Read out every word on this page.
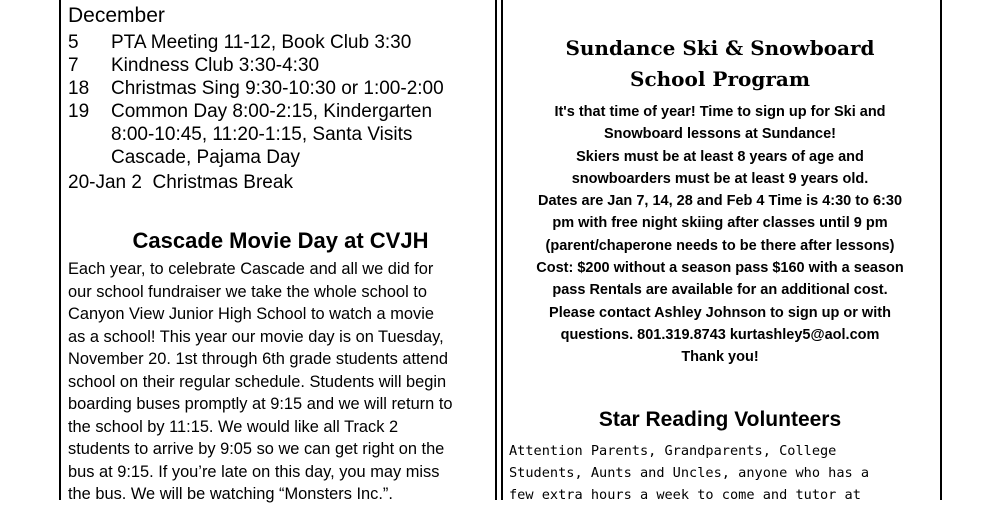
December
5	PTA Meeting 11-12, Book Club 3:30
7	Kindness Club 3:30-4:30
18	Christmas Sing 9:30-10:30 or 1:00-2:00
19	Common Day 8:00-2:15, Kindergarten
8:00-10:45, 11:20-1:15, Santa Visits
Cascade, Pajama Day
20-Jan 2 Christmas Break
Cascade Movie Day at CVJH
Each year, to celebrate Cascade and all we did for
our school fundraiser we take the whole school to
Canyon View Junior High School to watch a movie
as a school! This year our movie day is on Tuesday,
November 20. 1st through 6th grade students attend
school on their regular schedule. Students will begin
boarding buses promptly at 9:15 and we will return to
the school by 11:15. We would like all Track 2
students to arrive by 9:05 so we can get right on the
bus at 9:15. If you’re late on this day, you may miss
the bus. We will be watching “Monsters Inc.”.
Sundance Ski & Snowboard
School Program
It's that time of year! Time to sign up for Ski and
Snowboard lessons at Sundance!
Skiers must be at least 8 years of age and
snowboarders must be at least 9 years old.
Dates are Jan 7, 14, 28 and Feb 4 Time is 4:30 to 6:30
pm with free night skiing after classes until 9 pm
(parent/chaperone needs to be there after lessons)
Cost: $200 without a season pass $160 with a season
pass Rentals are available for an additional cost.
Please contact Ashley Johnson to sign up or with
questions. 801.319.8743 kurtashley5@aol.com
Thank you!
Star Reading Volunteers
Attention Parents, Grandparents, College
Students, Aunts and Uncles, anyone who has a
few extra hours a week to come and tutor at
